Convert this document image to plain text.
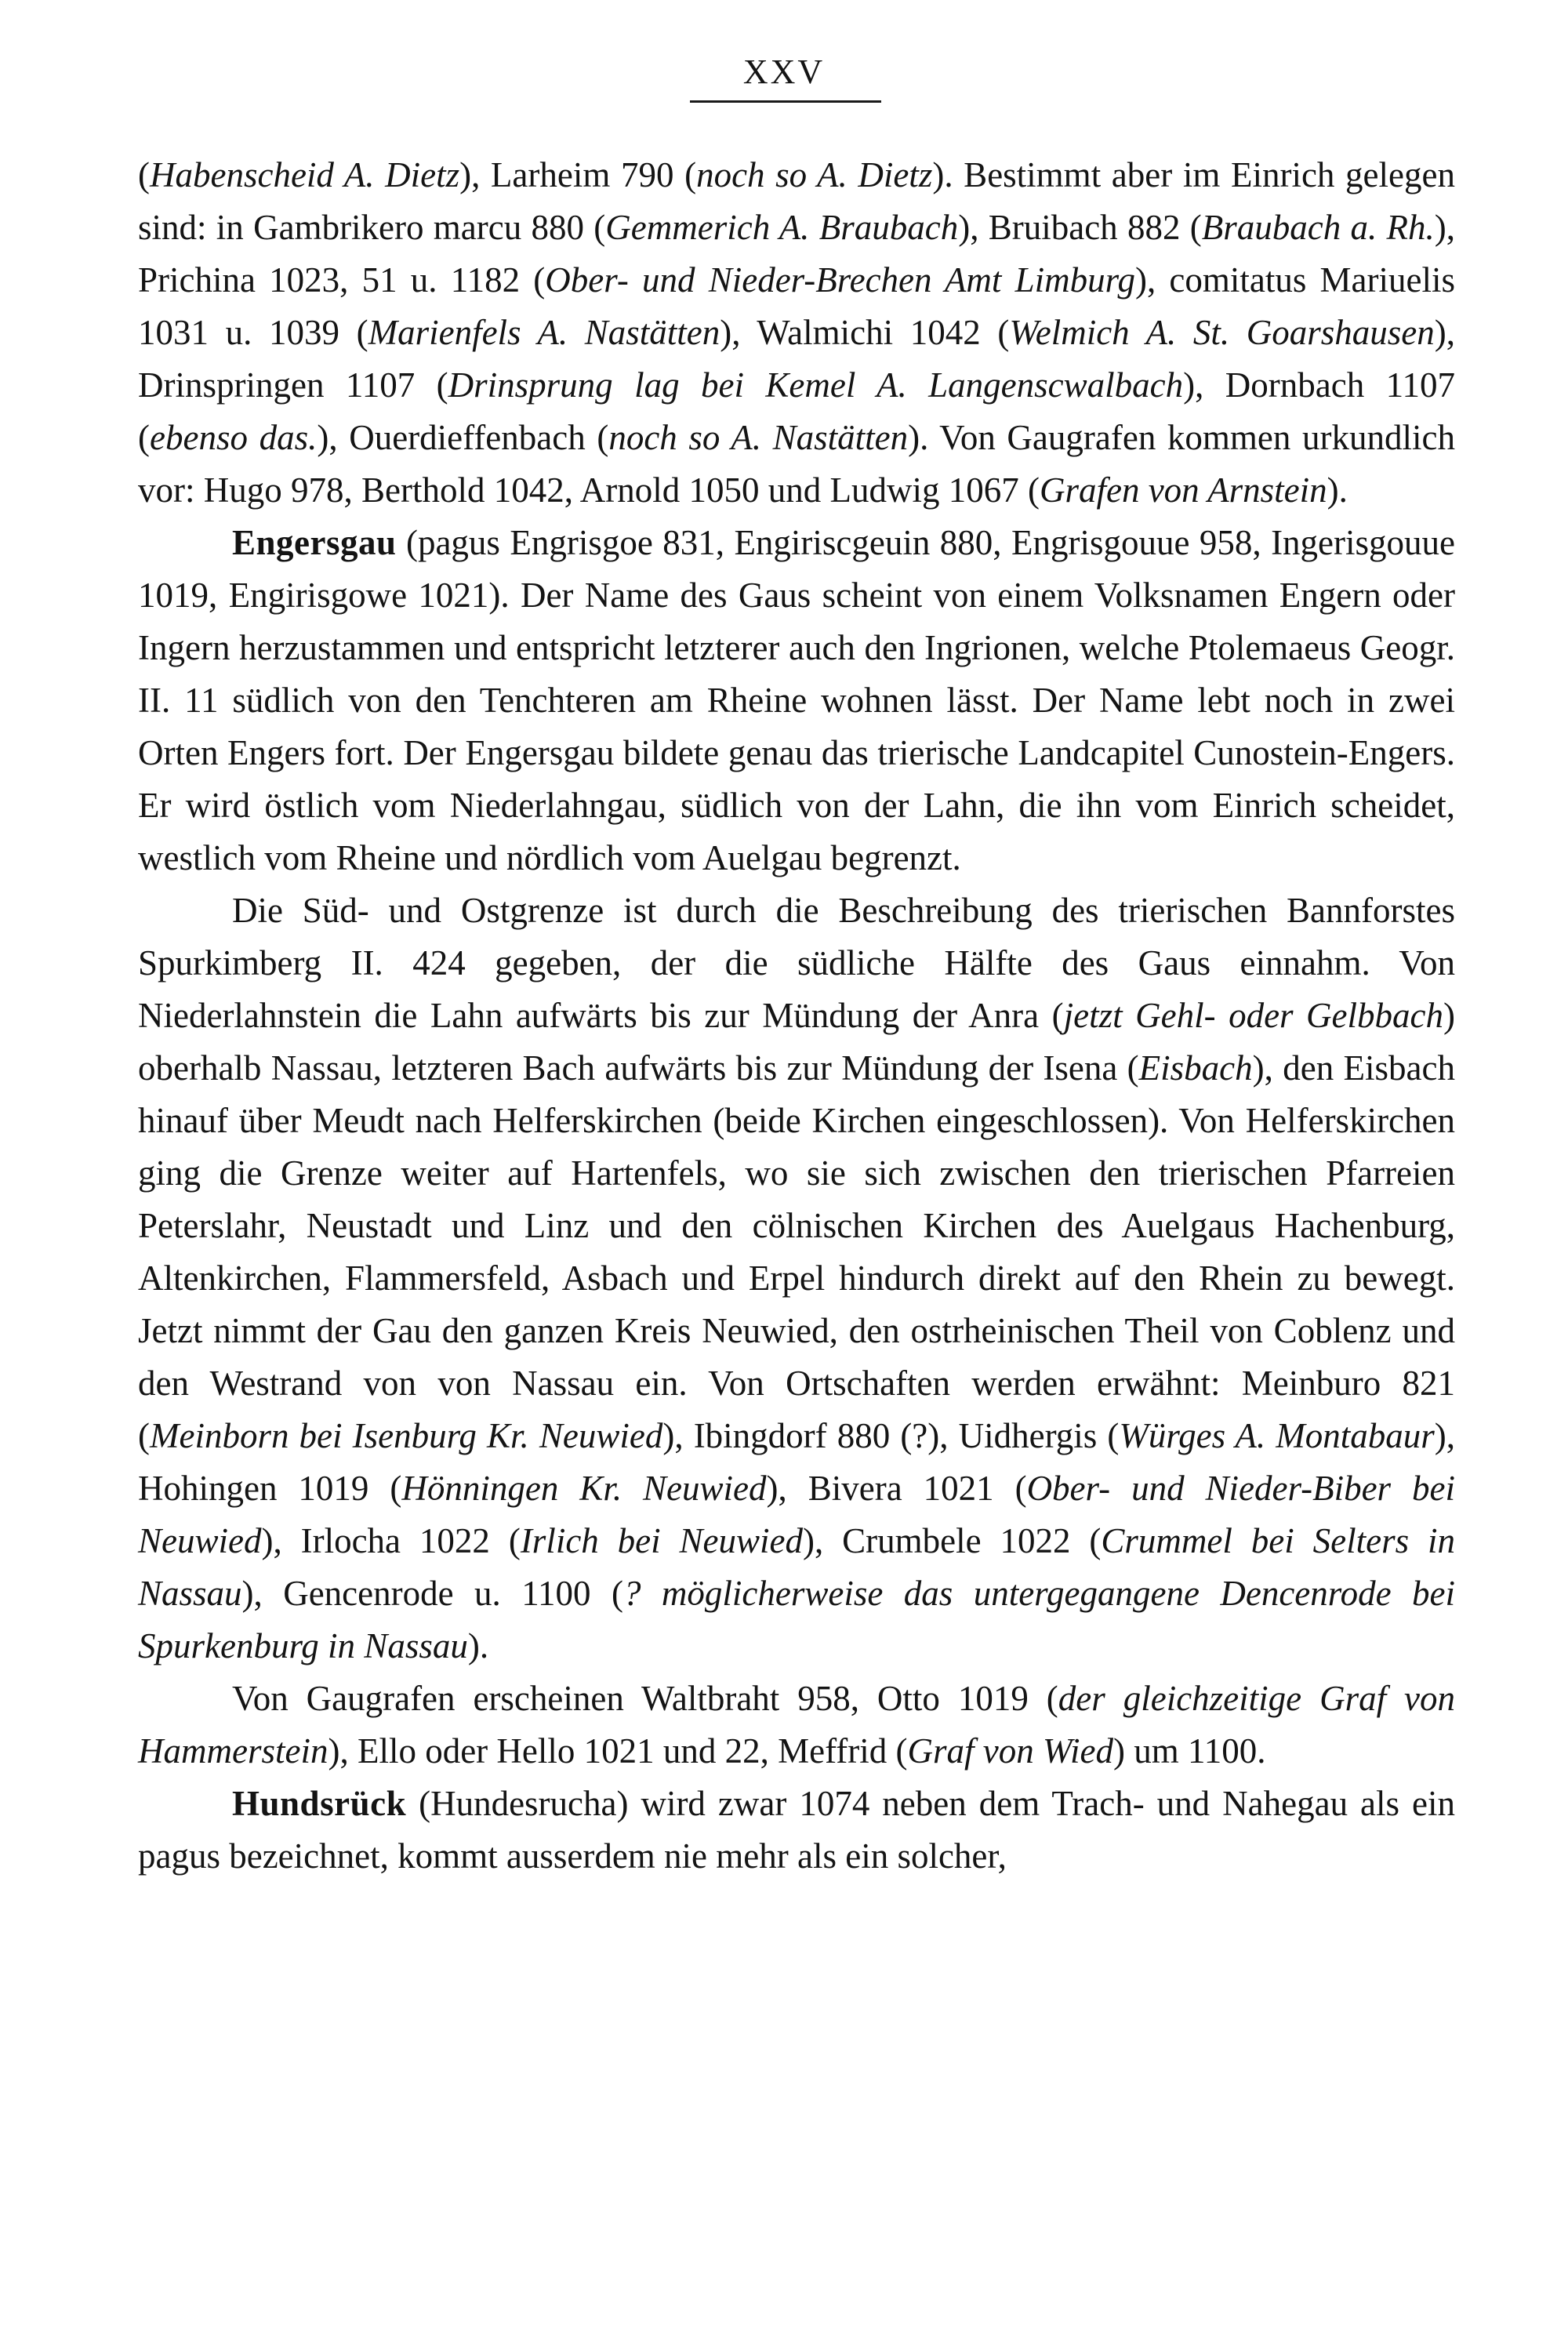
XXV

(Habenscheid A. Dietz), Larheim 790 (noch so A. Dietz). Bestimmt aber im Einrich gelegen sind: in Gambrikero marcu 880 (Gemmerich A. Braubach), Bruibach 882 (Braubach a. Rh.), Prichina 1023, 51 u. 1182 (Ober- und Nieder-Brechen Amt Limburg), comitatus Mariuelis 1031 u. 1039 (Marienfels A. Nastätten), Walmichi 1042 (Welmich A. St. Goarshausen), Drinspringen 1107 (Drinsprung lag bei Kemel A. Langenscwalbach), Dornbach 1107 (ebenso das.), Ouerdieffenbach (noch so A. Nastätten). Von Gaugrafen kommen urkundlich vor: Hugo 978, Berthold 1042, Arnold 1050 und Ludwig 1067 (Grafen von Arnstein).

Engersgau (pagus Engrisgoe 831, Engiriscgeuin 880, Engrisgouue 958, Ingerisgouue 1019, Engirisgowe 1021). Der Name des Gaus scheint von einem Volksnamen Engern oder Ingern herzustammen und entspricht letzterer auch den Ingrionen, welche Ptolemaeus Geogr. II. 11 südlich von den Tenchteren am Rheine wohnen lässt. Der Name lebt noch in zwei Orten Engers fort. Der Engersgau bildete genau das trierische Landcapitel Cunostein-Engers. Er wird östlich vom Niederlahngau, südlich von der Lahn, die ihn vom Einrich scheidet, westlich vom Rheine und nördlich vom Auelgau begrenzt.

Die Süd- und Ostgrenze ist durch die Beschreibung des trierischen Bannforstes Spurkimberg II. 424 gegeben, der die südliche Hälfte des Gaus einnahm. Von Niederlahnstein die Lahn aufwärts bis zur Mündung der Anra (jetzt Gehl- oder Gelbbach) oberhalb Nassau, letzteren Bach aufwärts bis zur Mündung der Isena (Eisbach), den Eisbach hinauf über Meudt nach Helferskirchen (beide Kirchen eingeschlossen). Von Helferskirchen ging die Grenze weiter auf Hartenfels, wo sie sich zwischen den trierischen Pfarreien Peterslahr, Neustadt und Linz und den cölnischen Kirchen des Auelgaus Hachenburg, Altenkirchen, Flammersfeld, Asbach und Erpel hindurch direkt auf den Rhein zu bewegt. Jetzt nimmt der Gau den ganzen Kreis Neuwied, den ostrheinischen Theil von Coblenz und den Westrand von von Nassau ein. Von Ortschaften werden erwähnt: Meinburo 821 (Meinborn bei Isenburg Kr. Neuwied), Ibingdorf 880 (?), Uidhergis (Würges A. Montabaur), Hohingen 1019 (Hönningen Kr. Neuwied), Bivera 1021 (Ober- und Nieder-Biber bei Neuwied), Irlocha 1022 (Irlich bei Neuwied), Crumbele 1022 (Crummel bei Selters in Nassau), Gencenrode u. 1100 (? möglicherweise das untergegangene Dencenrode bei Spurkenburg in Nassau).

Von Gaugrafen erscheinen Waltbraht 958, Otto 1019 (der gleichzeitige Graf von Hammerstein), Ello oder Hello 1021 und 22, Meffrid (Graf von Wied) um 1100.

Hundsrück (Hundesrucha) wird zwar 1074 neben dem Trach- und Nahegau als ein pagus bezeichnet, kommt ausserdem nie mehr als ein solcher,
